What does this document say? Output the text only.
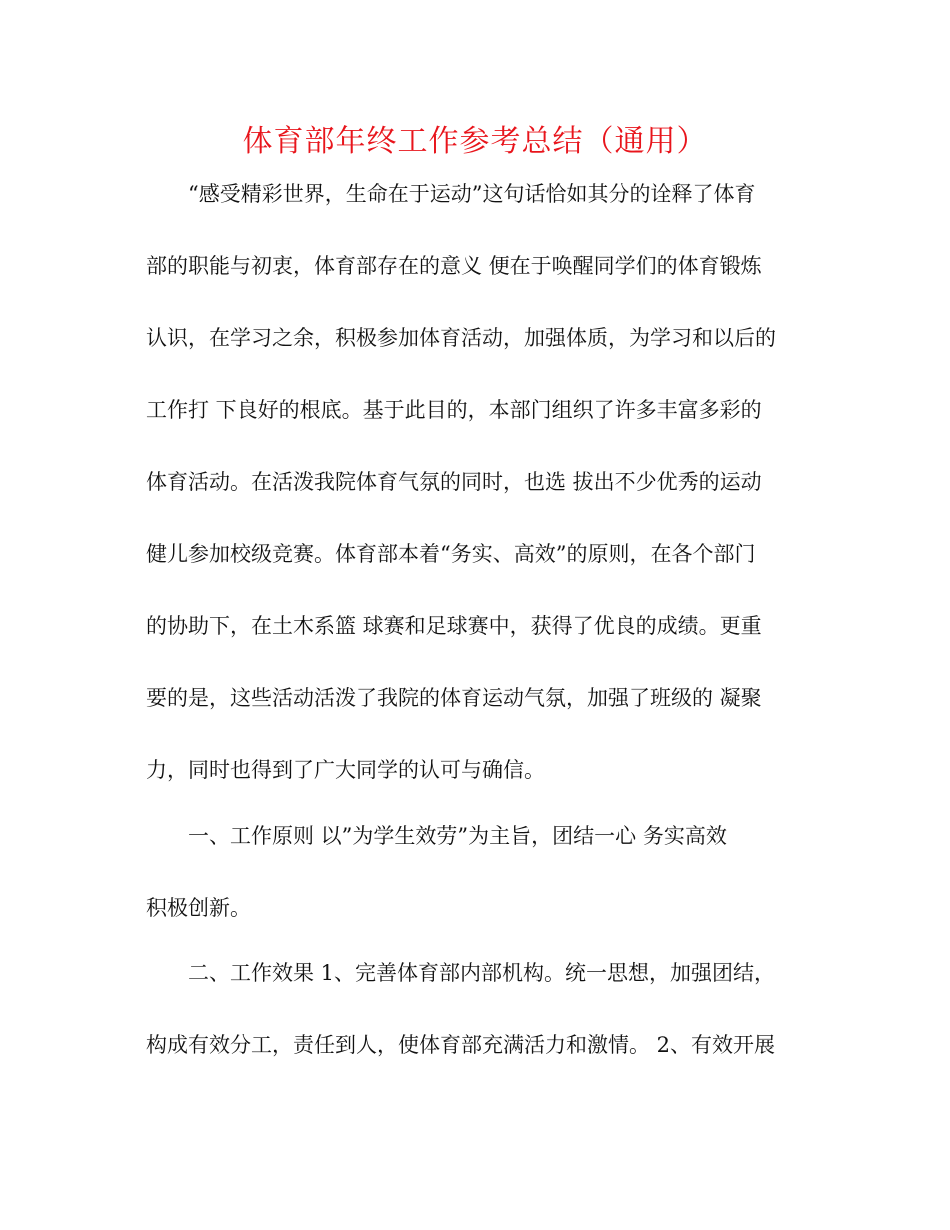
体育部年终工作参考总结（通用）

“感受精彩世界，生命在于运动”这句话恰如其分的诠释了体育

部的职能与初衷，体育部存在的意义 便在于唤醒同学们的体育锻炼

认识，在学习之余，积极参加体育活动，加强体质，为学习和以后的

工作打 下良好的根底。基于此目的，本部门组织了许多丰富多彩的

体育活动。在活泼我院体育气氛的同时，也选 拔出不少优秀的运动

健儿参加校级竞赛。体育部本着“务实、高效”的原则，在各个部门

的协助下，在土木系篮 球赛和足球赛中，获得了优良的成绩。更重

要的是，这些活动活泼了我院的体育运动气氛，加强了班级的 凝聚

力，同时也得到了广大同学的认可与确信。

一、工作原则 以”为学生效劳”为主旨，团结一心 务实高效

积极创新。

二、工作效果 1、完善体育部内部机构。统一思想，加强团结，

构成有效分工，责任到人，使体育部充满活力和激情。 2、有效开展
